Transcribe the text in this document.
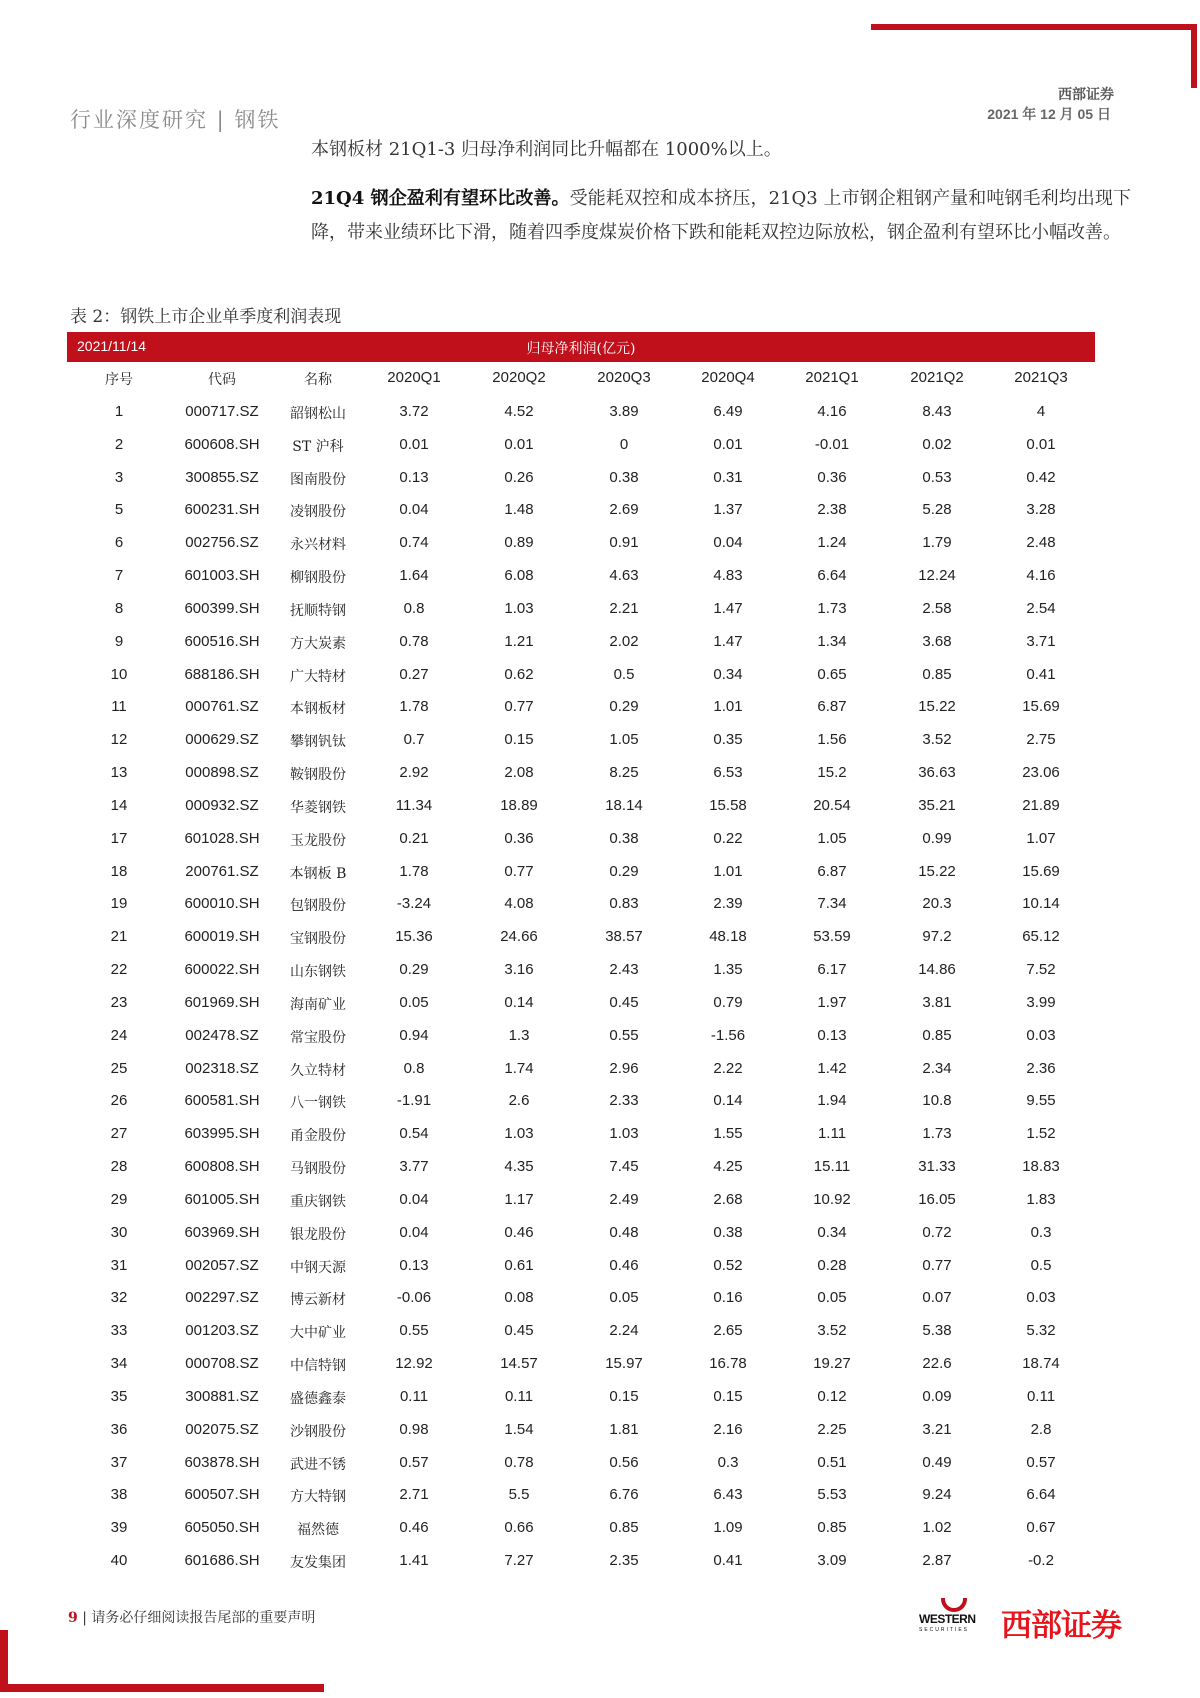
行业深度研究 | 钢铁
西部证券
2021 年 12 月 05 日
本钢板材 21Q1-3 归母净利润同比升幅都在 1000%以上。
21Q4 钢企盈利有望环比改善。受能耗双控和成本挤压，21Q3 上市钢企粗钢产量和吨钢毛利均出现下降，带来业绩环比下滑，随着四季度煤炭价格下跌和能耗双控边际放松，钢企盈利有望环比小幅改善。
表 2：钢铁上市企业单季度利润表现
归母净利润(亿元)
2021/11/14
序号	代码	名称	2020Q1	2020Q2	2020Q3	2020Q4	2021Q1	2021Q2	2021Q3
1	000717.SZ	韶钢松山	3.72	4.52	3.89	6.49	4.16	8.43	4
2	600608.SH	ST 沪科	0.01	0.01	0	0.01	-0.01	0.02	0.01
3	300855.SZ	图南股份	0.13	0.26	0.38	0.31	0.36	0.53	0.42
5	600231.SH	凌钢股份	0.04	1.48	2.69	1.37	2.38	5.28	3.28
6	002756.SZ	永兴材料	0.74	0.89	0.91	0.04	1.24	1.79	2.48
7	601003.SH	柳钢股份	1.64	6.08	4.63	4.83	6.64	12.24	4.16
8	600399.SH	抚顺特钢	0.8	1.03	2.21	1.47	1.73	2.58	2.54
9	600516.SH	方大炭素	0.78	1.21	2.02	1.47	1.34	3.68	3.71
10	688186.SH	广大特材	0.27	0.62	0.5	0.34	0.65	0.85	0.41
11	000761.SZ	本钢板材	1.78	0.77	0.29	1.01	6.87	15.22	15.69
12	000629.SZ	攀钢钒钛	0.7	0.15	1.05	0.35	1.56	3.52	2.75
13	000898.SZ	鞍钢股份	2.92	2.08	8.25	6.53	15.2	36.63	23.06
14	000932.SZ	华菱钢铁	11.34	18.89	18.14	15.58	20.54	35.21	21.89
17	601028.SH	玉龙股份	0.21	0.36	0.38	0.22	1.05	0.99	1.07
18	200761.SZ	本钢板 B	1.78	0.77	0.29	1.01	6.87	15.22	15.69
19	600010.SH	包钢股份	-3.24	4.08	0.83	2.39	7.34	20.3	10.14
21	600019.SH	宝钢股份	15.36	24.66	38.57	48.18	53.59	97.2	65.12
22	600022.SH	山东钢铁	0.29	3.16	2.43	1.35	6.17	14.86	7.52
23	601969.SH	海南矿业	0.05	0.14	0.45	0.79	1.97	3.81	3.99
24	002478.SZ	常宝股份	0.94	1.3	0.55	-1.56	0.13	0.85	0.03
25	002318.SZ	久立特材	0.8	1.74	2.96	2.22	1.42	2.34	2.36
26	600581.SH	八一钢铁	-1.91	2.6	2.33	0.14	1.94	10.8	9.55
27	603995.SH	甬金股份	0.54	1.03	1.03	1.55	1.11	1.73	1.52
28	600808.SH	马钢股份	3.77	4.35	7.45	4.25	15.11	31.33	18.83
29	601005.SH	重庆钢铁	0.04	1.17	2.49	2.68	10.92	16.05	1.83
30	603969.SH	银龙股份	0.04	0.46	0.48	0.38	0.34	0.72	0.3
31	002057.SZ	中钢天源	0.13	0.61	0.46	0.52	0.28	0.77	0.5
32	002297.SZ	博云新材	-0.06	0.08	0.05	0.16	0.05	0.07	0.03
33	001203.SZ	大中矿业	0.55	0.45	2.24	2.65	3.52	5.38	5.32
34	000708.SZ	中信特钢	12.92	14.57	15.97	16.78	19.27	22.6	18.74
35	300881.SZ	盛德鑫泰	0.11	0.11	0.15	0.15	0.12	0.09	0.11
36	002075.SZ	沙钢股份	0.98	1.54	1.81	2.16	2.25	3.21	2.8
37	603878.SH	武进不锈	0.57	0.78	0.56	0.3	0.51	0.49	0.57
38	600507.SH	方大特钢	2.71	5.5	6.76	6.43	5.53	9.24	6.64
39	605050.SH	福然德	0.46	0.66	0.85	1.09	0.85	1.02	0.67
40	601686.SH	友发集团	1.41	7.27	2.35	0.41	3.09	2.87	-0.2
9 | 请务必仔细阅读报告尾部的重要声明	WESTERN
SECURITIES 西部证券
